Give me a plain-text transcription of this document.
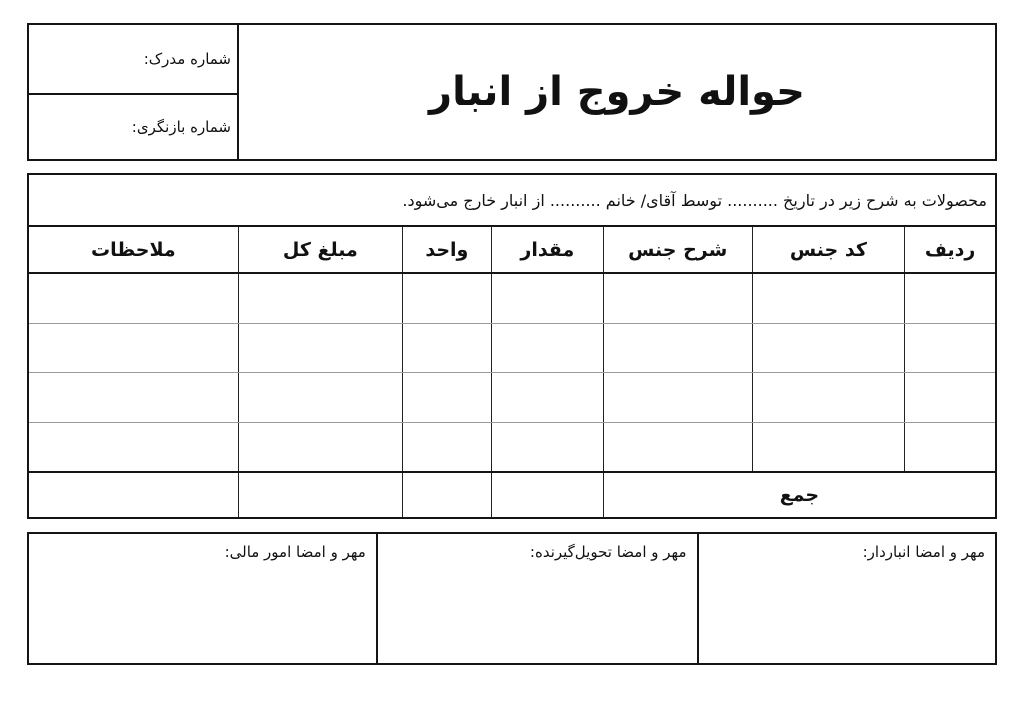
حواله خروج از انبار
شماره مدرک:
شماره بازنگری:
محصولات به شرح زیر در تاریخ .......... توسط آقای/ خانم .......... از انبار خارج می‌شود.
ردیف
کد جنس
شرح جنس
مقدار
واحد
مبلغ کل
ملاحظات
جمع
مهر و امضا انباردار:
مهر و امضا تحویل‌گیرنده:
مهر و امضا امور مالی:
